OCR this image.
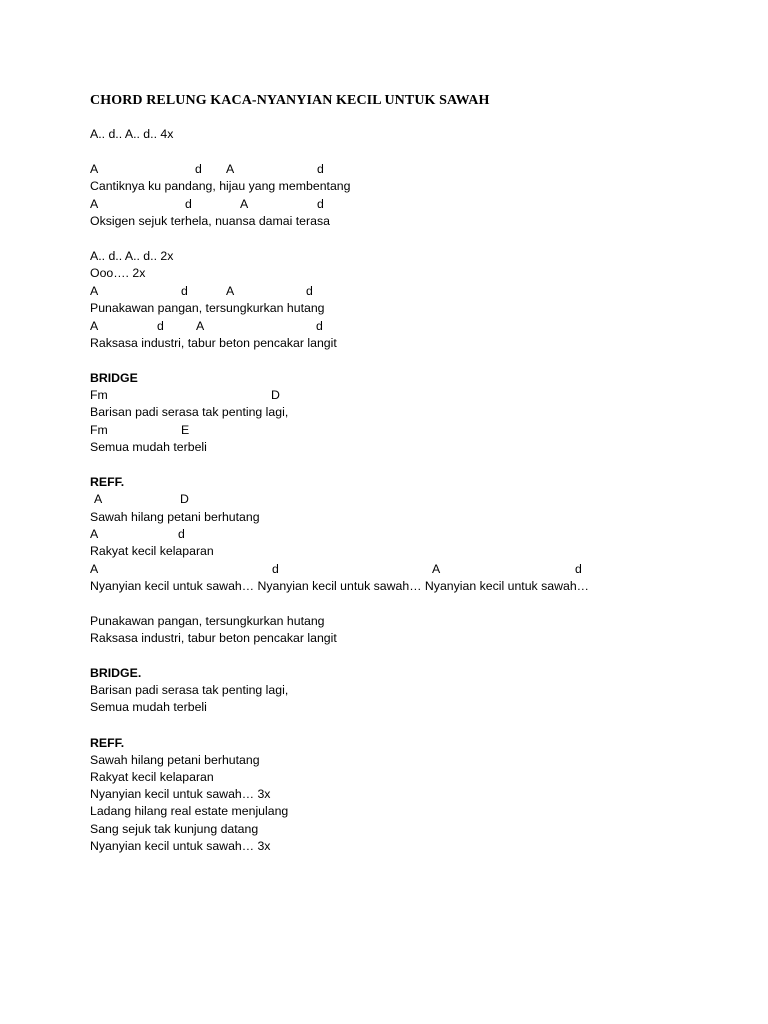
CHORD RELUNG KACA-NYANYIAN KECIL UNTUK SAWAH
A.. d.. A.. d.. 4x
A	d A	d
Cantiknya ku pandang, hijau yang membentang
A	d	A	d
Oksigen sejuk terhela, nuansa damai terasa
A.. d.. A.. d.. 2x
Ooo…. 2x
A	d	A	d
Punakawan pangan, tersungkurkan hutang
A	d	A	d
Raksasa industri, tabur beton pencakar langit
BRIDGE
Fm	D
Barisan padi serasa tak penting lagi,
Fm	E
Semua mudah terbeli
REFF.
A	D
Sawah hilang petani berhutang
A	d
Rakyat kecil kelaparan
A	d	A	d
Nyanyian kecil untuk sawah… Nyanyian kecil untuk sawah… Nyanyian kecil untuk sawah…
Punakawan pangan, tersungkurkan hutang
Raksasa industri, tabur beton pencakar langit
BRIDGE.
Barisan padi serasa tak penting lagi,
Semua mudah terbeli
REFF.
Sawah hilang petani berhutang
Rakyat kecil kelaparan
Nyanyian kecil untuk sawah… 3x
Ladang hilang real estate menjulang
Sang sejuk tak kunjung datang
Nyanyian kecil untuk sawah… 3x
